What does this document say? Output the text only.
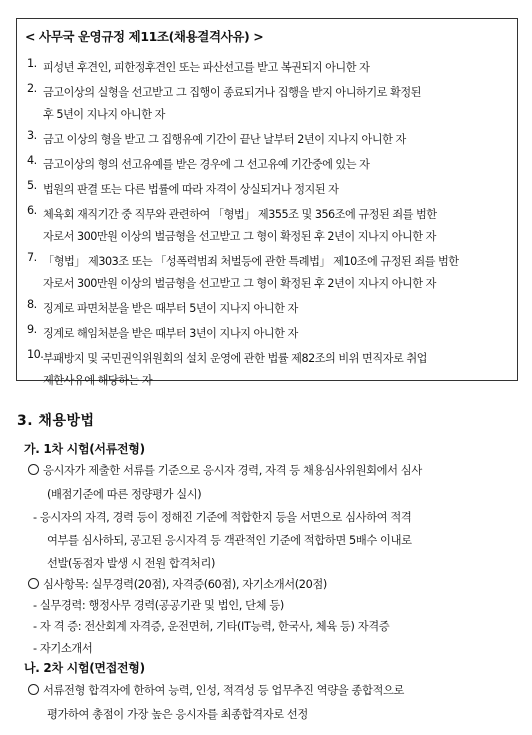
< 사무국 운영규정 제11조(채용결격사유) >
1. 피성년 후견인, 피한정후견인 또는 파산선고를 받고 복권되지 아니한 자
2. 금고이상의 실형을 선고받고 그 집행이 종료되거나 집행을 받지 아니하기로 확정된
후 5년이 지나지 아니한 자
3. 금고 이상의 형을 받고 그 집행유예 기간이 끝난 날부터 2년이 지나지 아니한 자
4. 금고이상의 형의 선고유예를 받은 경우에 그 선고유예 기간중에 있는 자
5. 법원의 판결 또는 다른 법률에 따라 자격이 상실되거나 정지된 자
6. 체육회 재직기간 중 직무와 관련하여 「형법」 제355조 및 356조에 규정된 죄를 범한
자로서 300만원 이상의 벌금형을 선고받고 그 형이 확정된 후 2년이 지나지 아니한 자
7. 「형법」 제303조 또는 「성폭력범죄 처벌등에 관한 특례법」 제10조에 규정된 죄를 범한
자로서 300만원 이상의 벌금형을 선고받고 그 형이 확정된 후 2년이 지나지 아니한 자
8. 징계로 파면처분을 받은 때부터 5년이 지나지 아니한 자
9. 징계로 해임처분을 받은 때부터 3년이 지나지 아니한 자
10. 부패방지 및 국민권익위원회의 설치 운영에 관한 법률 제82조의 비위 면직자로 취업
제한사유에 해당하는 자
3. 채용방법
가. 1차 시험(서류전형)
응시자가 제출한 서류를 기준으로 응시자 경력, 자격 등 채용심사위원회에서 심사
(배점기준에 따른 정량평가 실시)
- 응시자의 자격, 경력 등이 정해진 기준에 적합한지 등을 서면으로 심사하여 적격
여부를 심사하되, 공고된 응시자격 등 객관적인 기준에 적합하면 5배수 이내로
선발(동점자 발생 시 전원 합격처리)
심사항목: 실무경력(20점), 자격증(60점), 자기소개서(20점)
- 실무경력: 행정사무 경력(공공기관 및 법인, 단체 등)
- 자 격 증: 전산회계 자격증, 운전면허, 기타(IT능력, 한국사, 체육 등) 자격증
- 자기소개서
나. 2차 시험(면접전형)
서류전형 합격자에 한하여 능력, 인성, 적격성 등 업무추진 역량을 종합적으로
평가하여 총점이 가장 높은 응시자를 최종합격자로 선정
